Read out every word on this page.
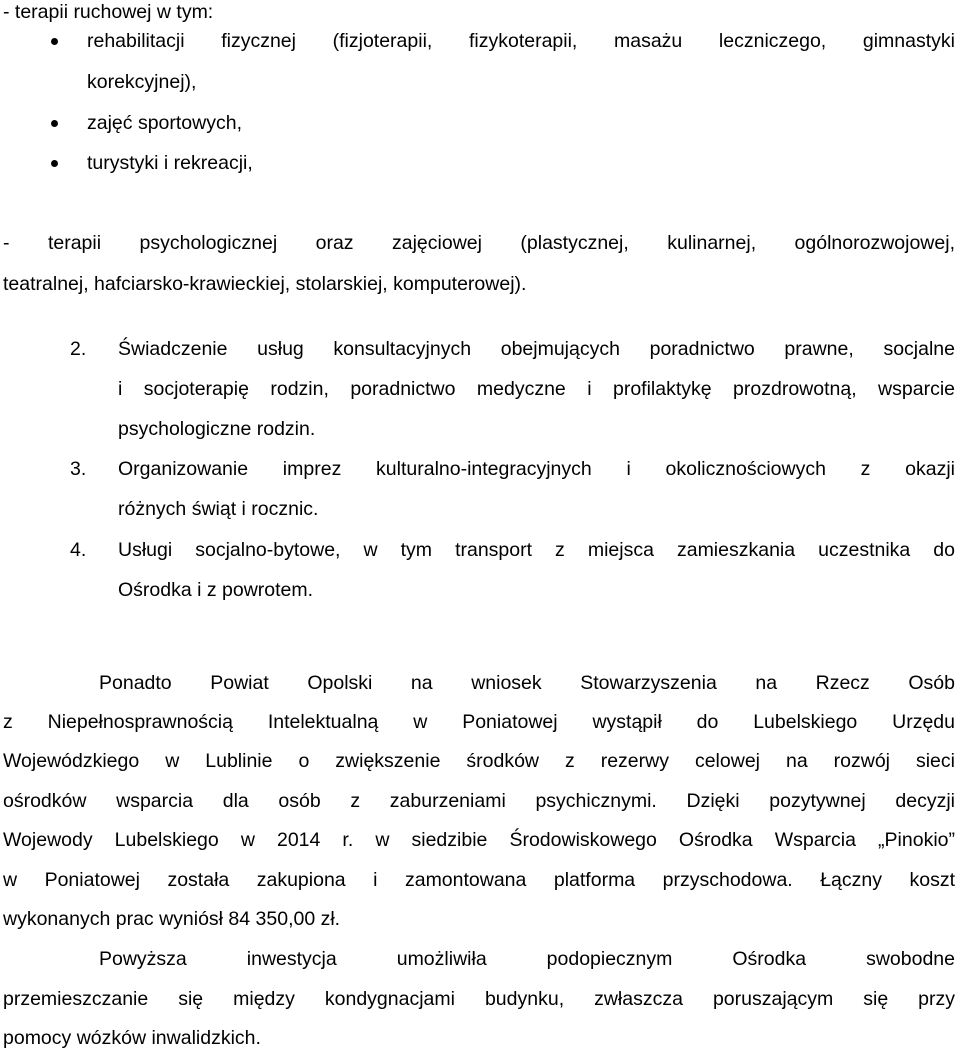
- terapii ruchowej w tym:
rehabilitacji fizycznej (fizjoterapii, fizykoterapii, masażu leczniczego, gimnastyki
korekcyjnej),
zajęć sportowych,
turystyki i rekreacji,
- terapii psychologicznej oraz zajęciowej (plastycznej, kulinarnej, ogólnorozwojowej,
teatralnej, hafciarsko-krawieckiej, stolarskiej, komputerowej).
2. Świadczenie usług konsultacyjnych obejmujących poradnictwo prawne, socjalne
i socjoterapię rodzin, poradnictwo medyczne i profilaktykę prozdrowotną, wsparcie
psychologiczne rodzin.
3. Organizowanie imprez kulturalno-integracyjnych i okolicznościowych z okazji
różnych świąt i rocznic.
4. Usługi socjalno-bytowe, w tym transport z miejsca zamieszkania uczestnika do
Ośrodka i z powrotem.
Ponadto Powiat Opolski na wniosek Stowarzyszenia na Rzecz Osób
z Niepełnosprawnością Intelektualną w Poniatowej wystąpił do Lubelskiego Urzędu
Wojewódzkiego w Lublinie o zwiększenie środków z rezerwy celowej na rozwój sieci
ośrodków wsparcia dla osób z zaburzeniami psychicznymi. Dzięki pozytywnej decyzji
Wojewody Lubelskiego w 2014 r. w siedzibie Środowiskowego Ośrodka Wsparcia „Pinokio”
w Poniatowej została zakupiona i zamontowana platforma przyschodowa. Łączny koszt
wykonanych prac wyniósł 84 350,00 zł.
Powyższa inwestycja umożliwiła podopiecznym Ośrodka swobodne
przemieszczanie się między kondygnacjami budynku, zwłaszcza poruszającym się przy
pomocy wózków inwalidzkich.
